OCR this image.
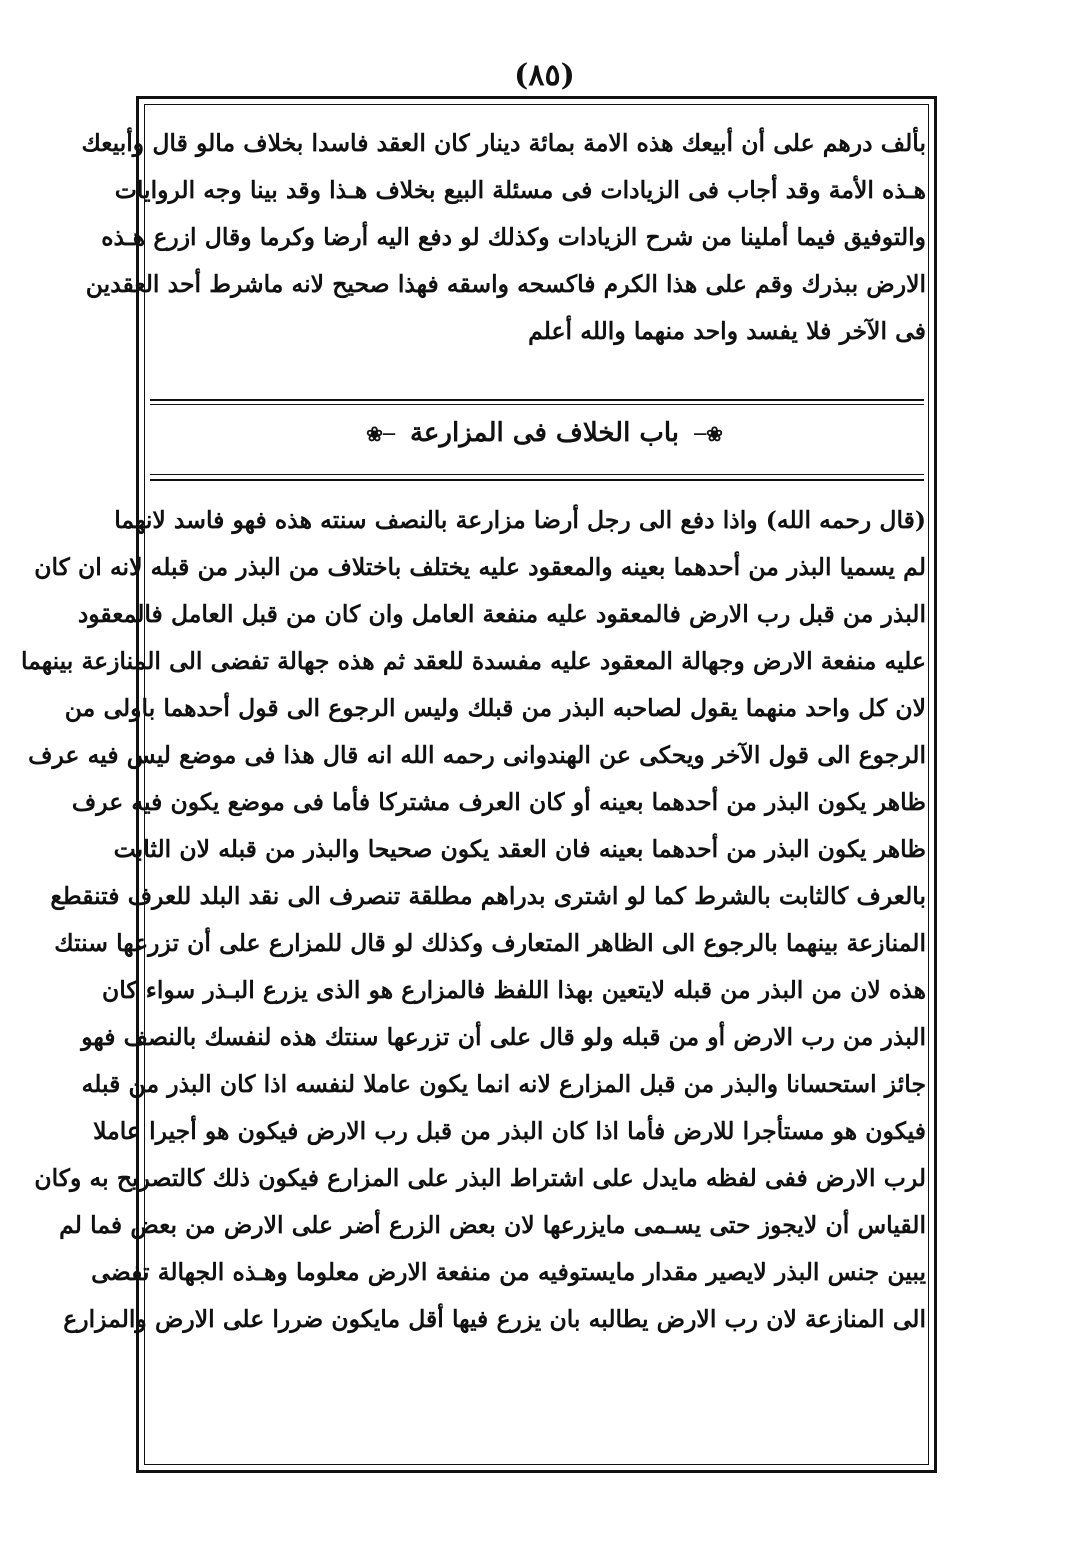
(٨٥)
بألف درهم على أن أبيعك هذه الامة بمائة دينار كان العقد فاسدا بخلاف مالو قال وأبيعك
هـذه الأمة وقد أجاب فى الزيادات فى مسئلة البيع بخلاف هـذا وقد بينا وجه الروايات
والتوفيق فيما أملينا من شرح الزيادات وكذلك لو دفع اليه أرضا وكرما وقال ازرع هـذه
الارض ببذرك وقم على هذا الكرم فاكسحه واسقه فهذا صحيح لانه ماشرط أحد العقدين
فى الآخر فلا يفسد واحد منهما والله أعلم
❀─ باب الخلاف فى المزارعة ─❀
(قال رحمه الله) واذا دفع الى رجل أرضا مزارعة بالنصف سنته هذه فهو فاسد لانهما
لم يسميا البذر من أحدهما بعينه والمعقود عليه يختلف باختلاف من البذر من قبله لانه ان كان
البذر من قبل رب الارض فالمعقود عليه منفعة العامل وان كان من قبل العامل فالمعقود
عليه منفعة الارض وجهالة المعقود عليه مفسدة للعقد ثم هذه جهالة تفضى الى المنازعة بينهما
لان كل واحد منهما يقول لصاحبه البذر من قبلك وليس الرجوع الى قول أحدهما باولى من
الرجوع الى قول الآخر ويحكى عن الهندوانى رحمه الله انه قال هذا فى موضع ليس فيه عرف
ظاهر يكون البذر من أحدهما بعينه أو كان العرف مشتركا فأما فى موضع يكون فيه عرف
ظاهر يكون البذر من أحدهما بعينه فان العقد يكون صحيحا والبذر من قبله لان الثابت
بالعرف كالثابت بالشرط كما لو اشترى بدراهم مطلقة تنصرف الى نقد البلد للعرف فتنقطع
المنازعة بينهما بالرجوع الى الظاهر المتعارف وكذلك لو قال للمزارع على أن تزرعها سنتك
هذه لان من البذر من قبله لايتعين بهذا اللفظ فالمزارع هو الذى يزرع البـذر سواء كان
البذر من رب الارض أو من قبله ولو قال على أن تزرعها سنتك هذه لنفسك بالنصف فهو
جائز استحسانا والبذر من قبل المزارع لانه انما يكون عاملا لنفسه اذا كان البذر من قبله
فيكون هو مستأجرا للارض فأما اذا كان البذر من قبل رب الارض فيكون هو أجيرا عاملا
لرب الارض ففى لفظه مايدل على اشتراط البذر على المزارع فيكون ذلك كالتصريح به وكان
القياس أن لايجوز حتى يسـمى مايزرعها لان بعض الزرع أضر على الارض من بعض فما لم
يبين جنس البذر لايصير مقدار مايستوفيه من منفعة الارض معلوما وهـذه الجهالة تفضى
الى المنازعة لان رب الارض يطالبه بان يزرع فيها أقل مايكون ضررا على الارض والمزارع
